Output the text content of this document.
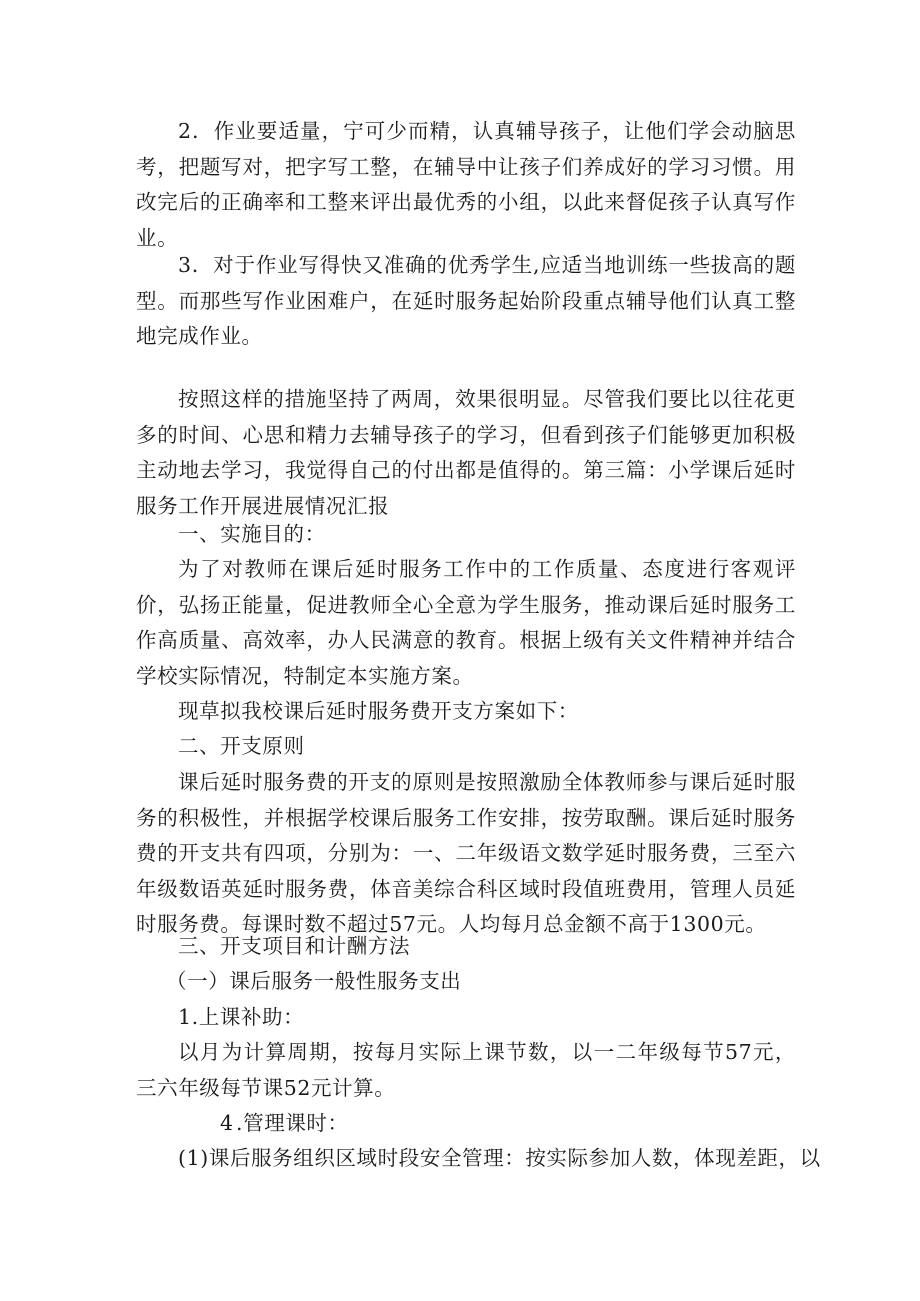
2．作业要适量，宁可少而精，认真辅导孩子，让他们学会动脑思考，把题写对，把字写工整，在辅导中让孩子们养成好的学习习惯。用改完后的正确率和工整来评出最优秀的小组，以此来督促孩子认真写作业。

3．对于作业写得快又准确的优秀学生,应适当地训练一些拔高的题型。而那些写作业困难户，在延时服务起始阶段重点辅导他们认真工整地完成作业。

按照这样的措施坚持了两周，效果很明显。尽管我们要比以往花更多的时间、心思和精力去辅导孩子的学习，但看到孩子们能够更加积极主动地去学习，我觉得自己的付出都是值得的。第三篇：小学课后延时服务工作开展进展情况汇报

一、实施目的：

为了对教师在课后延时服务工作中的工作质量、态度进行客观评价，弘扬正能量，促进教师全心全意为学生服务，推动课后延时服务工作高质量、高效率，办人民满意的教育。根据上级有关文件精神并结合学校实际情况，特制定本实施方案。

现草拟我校课后延时服务费开支方案如下：

二、开支原则

课后延时服务费的开支的原则是按照激励全体教师参与课后延时服务的积极性，并根据学校课后服务工作安排，按劳取酬。课后延时服务费的开支共有四项，分别为：一、二年级语文数学延时服务费，三至六年级数语英延时服务费，体音美综合科区域时段值班费用，管理人员延时服务费。每课时数不超过57元。人均每月总金额不高于1300元。

三、开支项目和计酬方法

（一）课后服务一般性服务支出

1.上课补助：

以月为计算周期，按每月实际上课节数，以一二年级每节57元，三六年级每节课52元计算。

4 .管理课时：

(1)课后服务组织区域时段安全管理：按实际参加人数，体现差距，以
